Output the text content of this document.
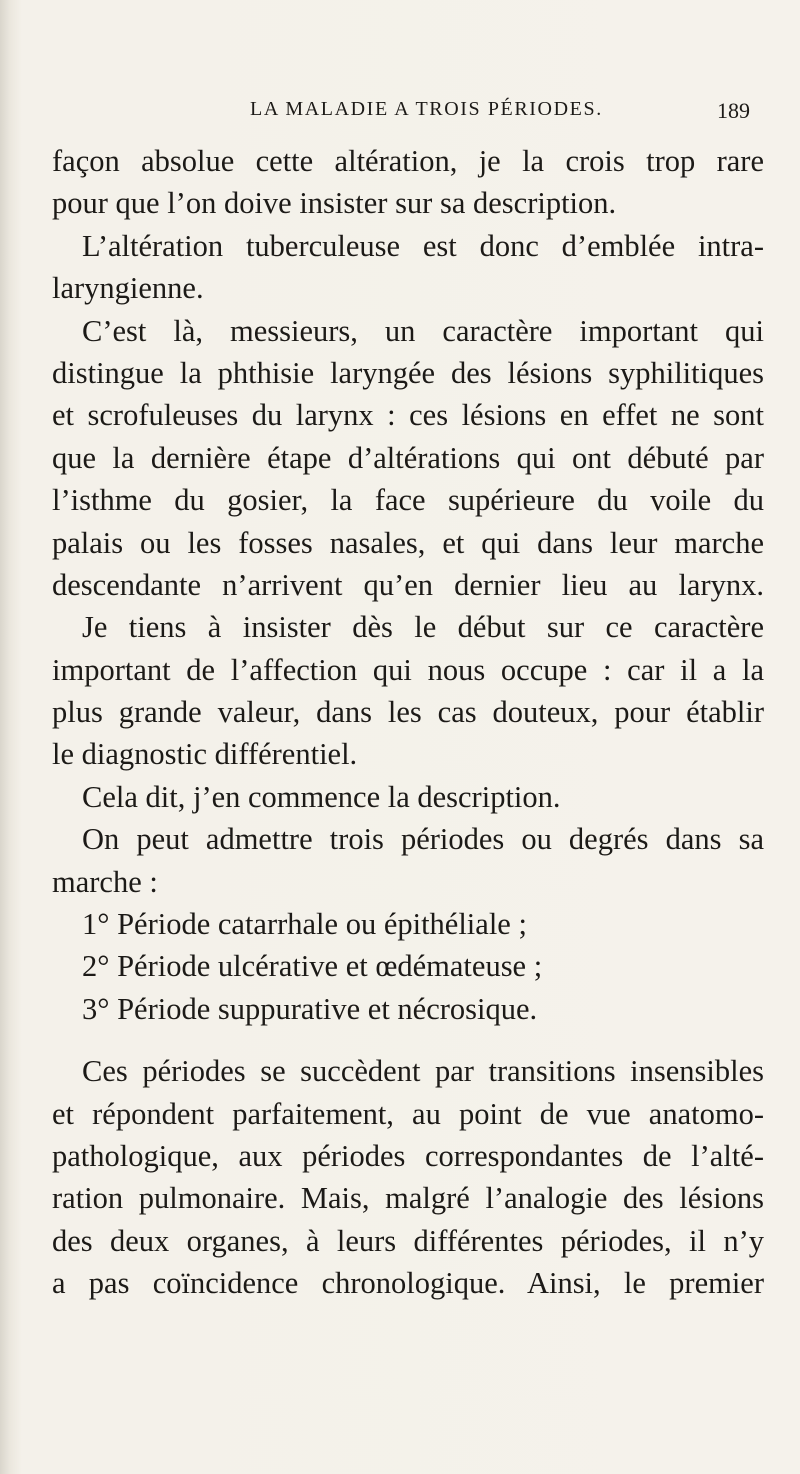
LA MALADIE A TROIS PÉRIODES.	189
façon absolue cette altération, je la crois trop rare
pour que l’on doive insister sur sa description.
L’altération tuberculeuse est donc d’emblée intra-
laryngienne.
C’est là, messieurs, un caractère important qui
distingue la phthisie laryngée des lésions syphilitiques
et scrofuleuses du larynx : ces lésions en effet ne sont
que la dernière étape d’altérations qui ont débuté par
l’isthme du gosier, la face supérieure du voile du
palais ou les fosses nasales, et qui dans leur marche
descendante n’arrivent qu’en dernier lieu au larynx.
Je tiens à insister dès le début sur ce caractère
important de l’affection qui nous occupe : car il a la
plus grande valeur, dans les cas douteux, pour établir
le diagnostic différentiel.
Cela dit, j’en commence la description.
On peut admettre trois périodes ou degrés dans sa
marche :
1° Période catarrhale ou épithéliale ;
2° Période ulcérative et œdémateuse ;
3° Période suppurative et nécrosique.
Ces périodes se succèdent par transitions insensibles
et répondent parfaitement, au point de vue anatomo-
pathologique, aux périodes correspondantes de l’alté-
ration pulmonaire. Mais, malgré l’analogie des lésions
des deux organes, à leurs différentes périodes, il n’y
a pas coïncidence chronologique. Ainsi, le premier
